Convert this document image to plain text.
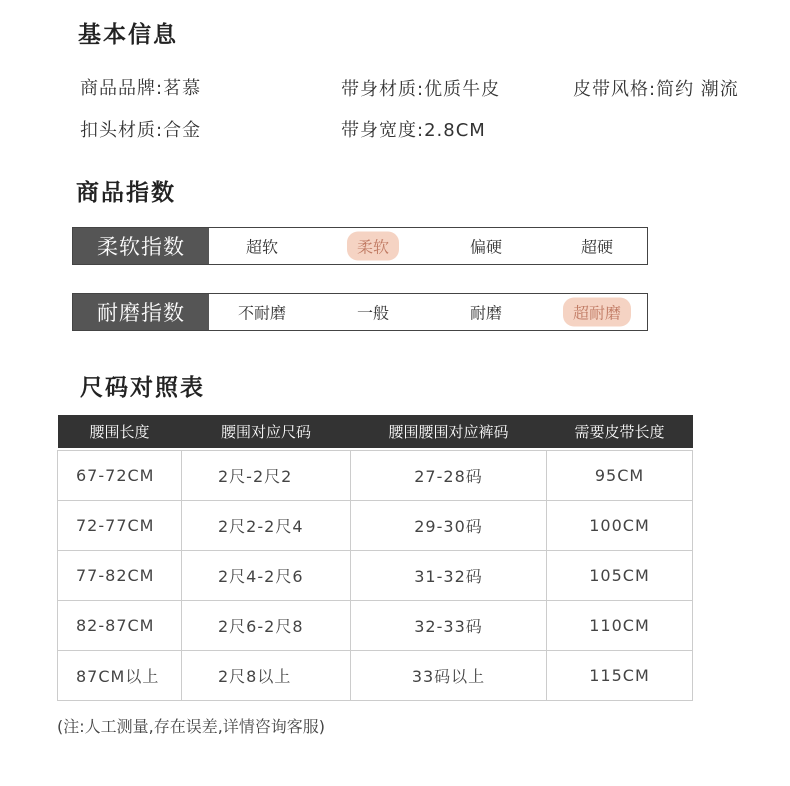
基本信息
商品品牌:茗慕	带身材质:优质牛皮	皮带风格:简约 潮流
扣头材质:合金	带身宽度:2.8CM
商品指数
柔软指数	超软	柔软	偏硬	超硬
耐磨指数	不耐磨	一般	耐磨	超耐磨
尺码对照表
腰围长度	腰围对应尺码	腰围腰围对应裤码	需要皮带长度

67-72CM	2尺-2尺2	27-28码	95CM
72-77CM	2尺2-2尺4	29-30码	100CM
77-82CM	2尺4-2尺6	31-32码	105CM
82-87CM	2尺6-2尺8	32-33码	110CM
87CM以上	2尺8以上	33码以上	115CM
(注:人工测量,存在误差,详情咨询客服)
